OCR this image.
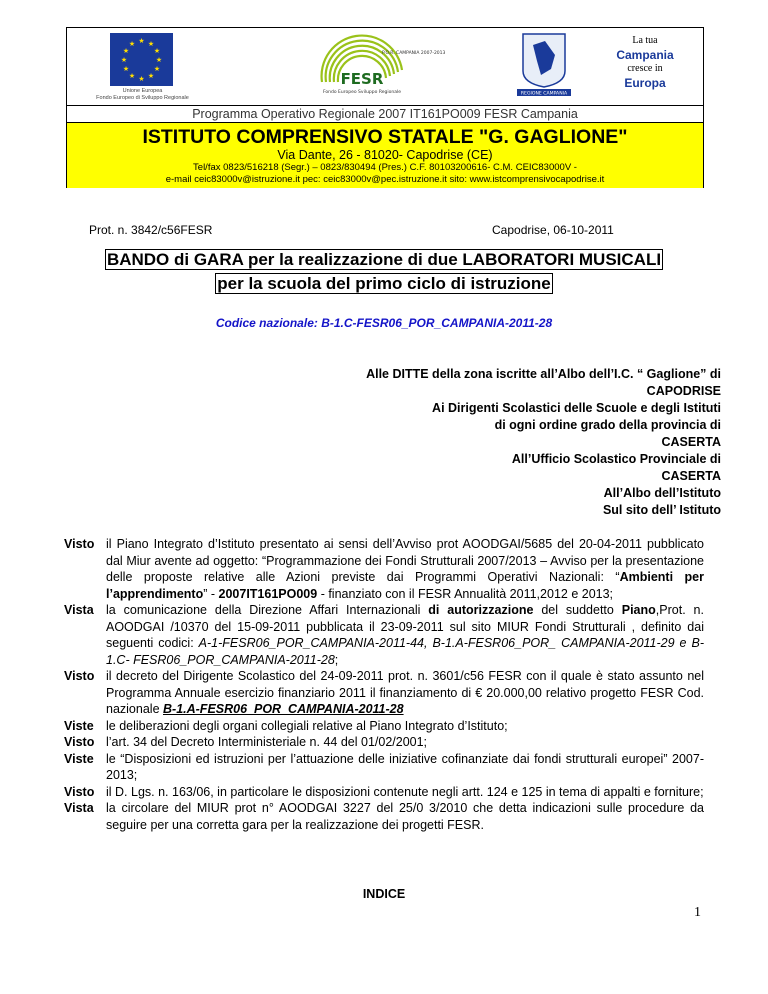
★ ★
★
★
★
★
★
★
★
★
★
★
Unione Europea
Fondo Europeo di Sviluppo Regionale
P.O.R. CAMPANIA 2007-2013
FESR
Fondo Europeo Sviluppo Regionale	REGIONE CAMPANIA
La tua
Campania
cresce in
Europa
Programma Operativo Regionale 2007 IT161PO009 FESR Campania
ISTITUTO COMPRENSIVO STATALE "G. GAGLIONE"
Via Dante, 26 - 81020- Capodrise (CE)
Tel/fax 0823/516218 (Segr.) – 0823/830494 (Pres.) C.F. 80103200616- C.M. CEIC83000V -
e-mail ceic83000v@istruzione.it pec: ceic83000v@pec.istruzione.it sito: www.istcomprensivocapodrise.it
Prot. n. 3842/c56FESR	Capodrise, 06-10-2011
BANDO di GARA per la realizzazione di due LABORATORI MUSICALI
per la scuola del primo ciclo di istruzione
Codice nazionale: B-1.C-FESR06_POR_CAMPANIA-2011-28
Alle DITTE della zona iscritte all’Albo dell’I.C. “ Gaglione” di
CAPODRISE
Ai Dirigenti Scolastici delle Scuole e degli Istituti
di ogni ordine grado della provincia di
CASERTA
All’Ufficio Scolastico Provinciale di
CASERTA
All’Albo dell’Istituto
Sul sito dell’ Istituto
Visto il Piano Integrato d’Istituto presentato ai sensi dell’Avviso prot AOODGAI/5685 del 20-04-2011 pubblicato dal Miur avente ad oggetto: “Programmazione dei Fondi Strutturali 2007/2013 – Avviso per la presentazione delle proposte relative alle Azioni previste dai Programmi Operativi Nazionali: “Ambienti per l’apprendimento” - 2007IT161PO009 - finanziato con il FESR Annualità 2011,2012 e 2013;
Vista la comunicazione della Direzione Affari Internazionali di autorizzazione del suddetto Piano,Prot. n. AOODGAI /10370 del 15-09-2011 pubblicata il 23-09-2011 sul sito MIUR Fondi Strutturali , definito dai seguenti codici: A-1-FESR06_POR_CAMPANIA-2011-44, B-1.A-FESR06_POR_ CAMPANIA-2011-29 e B-1.C- FESR06_POR_CAMPANIA-2011-28;
Visto il decreto del Dirigente Scolastico del 24-09-2011 prot. n. 3601/c56 FESR con il quale è stato assunto nel Programma Annuale esercizio finanziario 2011 il finanziamento di € 20.000,00 relativo progetto FESR Cod. nazionale B-1.A-FESR06_POR_CAMPANIA-2011-28
Viste le deliberazioni degli organi collegiali relative al Piano Integrato d’Istituto;
Visto l’art. 34 del Decreto Interministeriale n. 44 del 01/02/2001;
Viste le “Disposizioni ed istruzioni per l’attuazione delle iniziative cofinanziate dai fondi strutturali europei” 2007-2013;
Visto il D. Lgs. n. 163/06, in particolare le disposizioni contenute negli artt. 124 e 125 in tema di appalti e forniture;
Vista la circolare del MIUR prot n° AOODGAI 3227 del 25/0 3/2010 che detta indicazioni sulle procedure da seguire per una corretta gara per la realizzazione dei progetti FESR.
INDICE
1
